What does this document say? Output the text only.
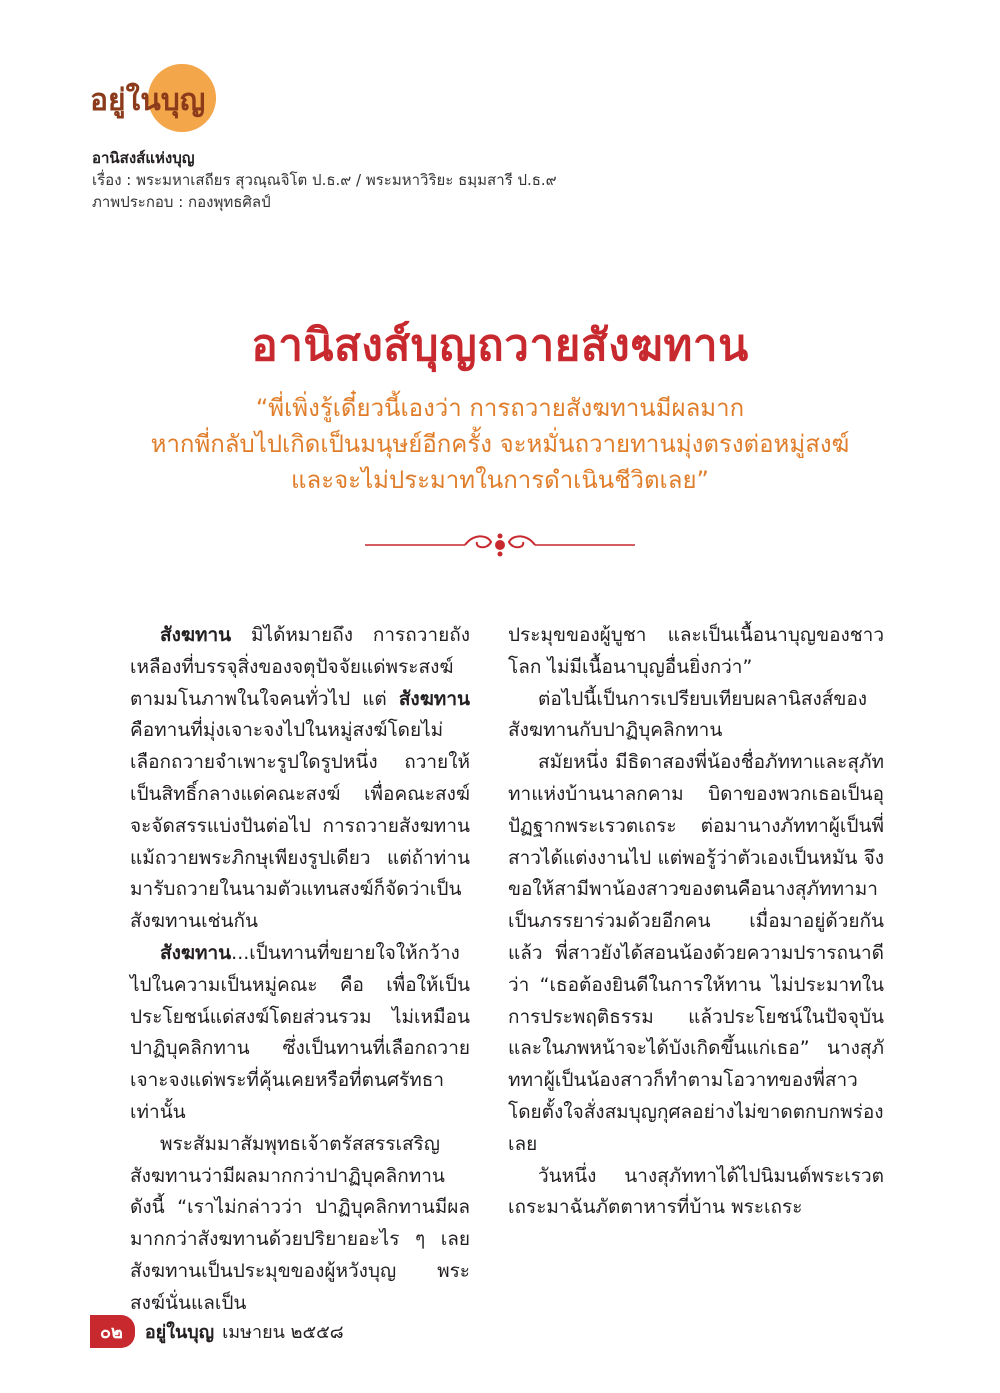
อยู่ในบุญ
อานิสงส์แห่งบุญ
เรื่อง : พระมหาเสถียร สุวณฺณจิโต ป.ธ.๙ / พระมหาวิริยะ ธมฺมสารี ป.ธ.๙
ภาพประกอบ : กองพุทธศิลป์
อานิสงส์บุญถวายสังฆทาน
“พี่เพิ่งรู้เดี๋ยวนี้เองว่า การถวายสังฆทานมีผลมาก
หากพี่กลับไปเกิดเป็นมนุษย์อีกครั้ง จะหมั่นถวายทานมุ่งตรงต่อหมู่สงฆ์
และจะไม่ประมาทในการดำเนินชีวิตเลย”

สังฆทาน มิได้หมายถึง การถวายถังเหลืองที่บรรจุสิ่งของจตุปัจจัยแด่พระสงฆ์ตามมโนภาพในใจคนทั่วไป แต่ สังฆทาน คือทานที่มุ่งเจาะจงไปในหมู่สงฆ์โดยไม่เลือกถวายจำเพาะรูปใดรูปหนึ่ง ถวายให้เป็นสิทธิ์กลางแด่คณะสงฆ์ เพื่อคณะสงฆ์จะจัดสรรแบ่งปันต่อไป การถวายสังฆทานแม้ถวายพระภิกษุเพียงรูปเดียว แต่ถ้าท่านมารับถวายในนามตัวแทนสงฆ์ก็จัดว่าเป็นสังฆทานเช่นกัน

สังฆทาน...เป็นทานที่ขยายใจให้กว้างไปในความเป็นหมู่คณะ คือ เพื่อให้เป็นประโยชน์แด่สงฆ์โดยส่วนรวม ไม่เหมือนปาฏิบุคลิกทาน ซึ่งเป็นทานที่เลือกถวายเจาะจงแด่พระที่คุ้นเคยหรือที่ตนศรัทธาเท่านั้น

พระสัมมาสัมพุทธเจ้าตรัสสรรเสริญสังฆทานว่ามีผลมากกว่าปาฏิบุคลิกทานดังนี้ “เราไม่กล่าวว่า ปาฏิบุคลิกทานมีผลมากกว่าสังฆทานด้วยปริยายอะไร ๆ เลย สังฆทานเป็นประมุขของผู้หวังบุญ พระสงฆ์นั่นแลเป็น

ประมุขของผู้บูชา และเป็นเนื้อนาบุญของชาวโลก ไม่มีเนื้อนาบุญอื่นยิ่งกว่า”

ต่อไปนี้เป็นการเปรียบเทียบผลานิสงส์ของสังฆทานกับปาฏิบุคลิกทาน

สมัยหนึ่ง มีธิดาสองพี่น้องชื่อภัททาและสุภัททาแห่งบ้านนาลกคาม บิดาของพวกเธอเป็นอุปัฏฐากพระเรวตเถระ ต่อมานางภัททาผู้เป็นพี่สาวได้แต่งงานไป แต่พอรู้ว่าตัวเองเป็นหมัน จึงขอให้สามีพาน้องสาวของตนคือนางสุภัททามาเป็นภรรยาร่วมด้วยอีกคน เมื่อมาอยู่ด้วยกันแล้ว พี่สาวยังได้สอนน้องด้วยความปรารถนาดีว่า “เธอต้องยินดีในการให้ทาน ไม่ประมาทในการประพฤติธรรม แล้วประโยชน์ในปัจจุบันและในภพหน้าจะได้บังเกิดขึ้นแก่เธอ” นางสุภัททาผู้เป็นน้องสาวก็ทำตามโอวาทของพี่สาว โดยตั้งใจสั่งสมบุญกุศลอย่างไม่ขาดตกบกพร่องเลย

วันหนึ่ง นางสุภัททาได้ไปนิมนต์พระเรวตเถระมาฉันภัตตาหารที่บ้าน พระเถระ

๐๒	อยู่ในบุญ เมษายน ๒๕๕๘
